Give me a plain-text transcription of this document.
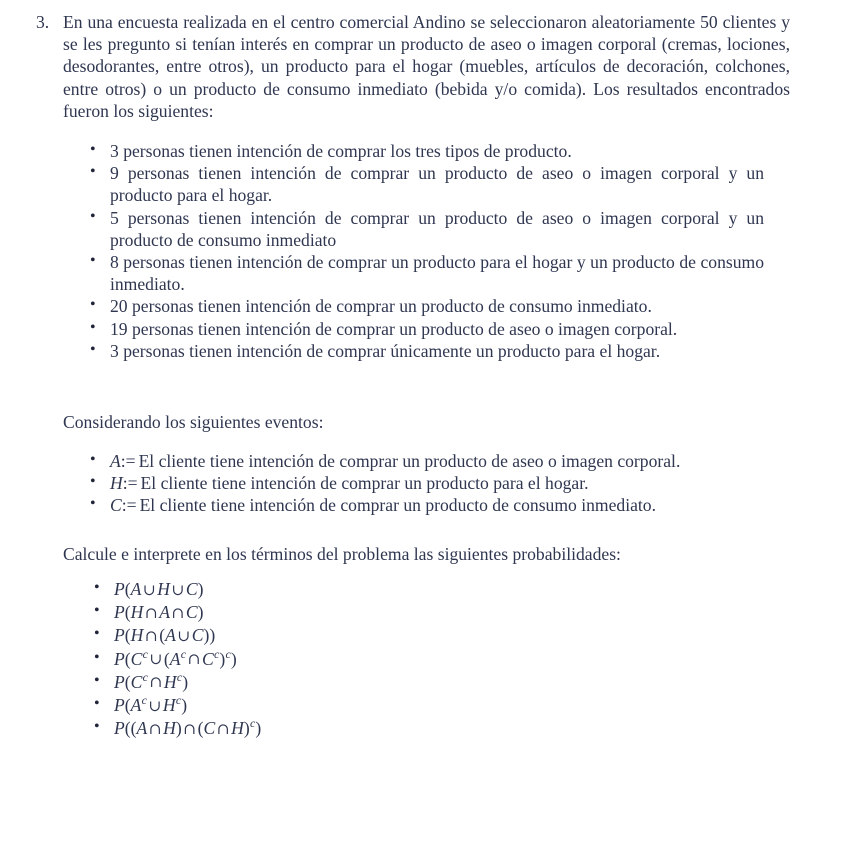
3. En una encuesta realizada en el centro comercial Andino se seleccionaron aleatoriamente 50 clientes y se les pregunto si tenían interés en comprar un producto de aseo o imagen corporal (cremas, lociones, desodorantes, entre otros), un producto para el hogar (muebles, artículos de decoración, colchones, entre otros) o un producto de consumo inmediato (bebida y/o comida). Los resultados encontrados fueron los siguientes:

• 3 personas tienen intención de comprar los tres tipos de producto.
• 9 personas tienen intención de comprar un producto de aseo o imagen corporal y un producto para el hogar.
• 5 personas tienen intención de comprar un producto de aseo o imagen corporal y un producto de consumo inmediato
• 8 personas tienen intención de comprar un producto para el hogar y un producto de consumo inmediato.
• 20 personas tienen intención de comprar un producto de consumo inmediato.
• 19 personas tienen intención de comprar un producto de aseo o imagen corporal.
• 3 personas tienen intención de comprar únicamente un producto para el hogar.
Considerando los siguientes eventos:
• A:= El cliente tiene intención de comprar un producto de aseo o imagen corporal.
• H:= El cliente tiene intención de comprar un producto para el hogar.
• C:= El cliente tiene intención de comprar un producto de consumo inmediato.
Calcule e interprete en los términos del problema las siguientes probabilidades:
• P(A∪H∪C)
• P(H∩A∩C)
• P(H∩(A∪C))
• $P(C^c\cup(A^c\cap C^c)^c)$
• $P(C^c\cap H^c)$
• $P(A^c\cup H^c)$
• P((A∩H)∩(C∩H)$^c$)
